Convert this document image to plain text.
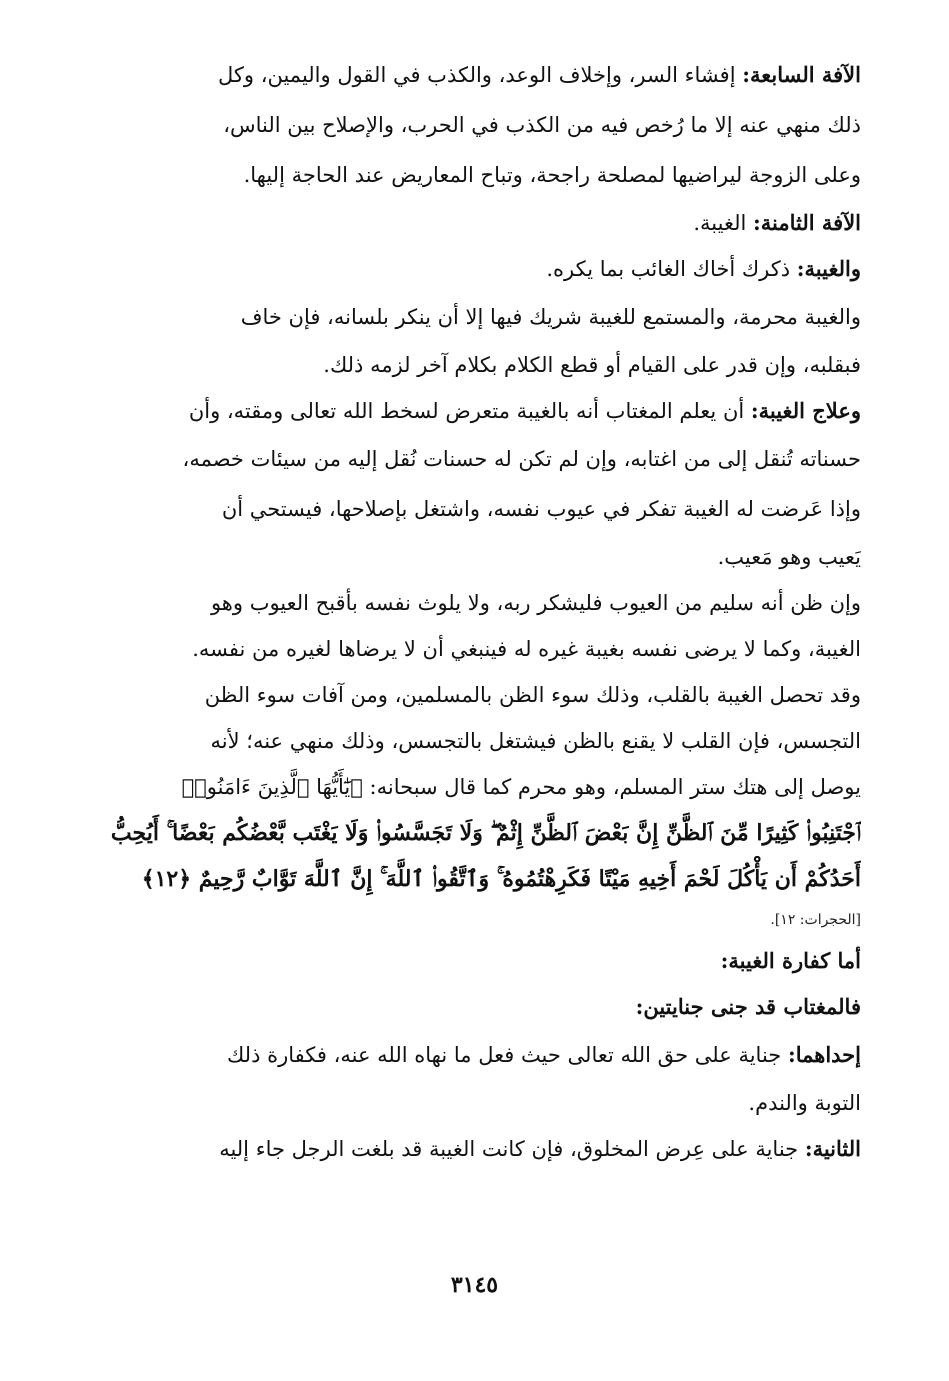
الآفة السابعة: إفشاء السر، وإخلاف الوعد، والكذب في القول واليمين، وكل
ذلك منهي عنه إلا ما رُخص فيه من الكذب في الحرب، والإصلاح بين الناس،
وعلى الزوجة ليراضيها لمصلحة راجحة، وتباح المعاريض عند الحاجة إليها.
الآفة الثامنة: الغيبة.
والغيبة: ذكرك أخاك الغائب بما يكره.
والغيبة محرمة، والمستمع للغيبة شريك فيها إلا أن ينكر بلسانه، فإن خاف
فبقلبه، وإن قدر على القيام أو قطع الكلام بكلام آخر لزمه ذلك.
وعلاج الغيبة: أن يعلم المغتاب أنه بالغيبة متعرض لسخط الله تعالى ومقته، وأن
حسناته تُنقل إلى من اغتابه، وإن لم تكن له حسنات نُقل إليه من سيئات خصمه،
وإذا عَرضت له الغيبة تفكر في عيوب نفسه، واشتغل بإصلاحها، فيستحي أن
يَعيب وهو مَعيب.
وإن ظن أنه سليم من العيوب فليشكر ربه، ولا يلوث نفسه بأقبح العيوب وهو
الغيبة، وكما لا يرضى نفسه بغيبة غيره له فينبغي أن لا يرضاها لغيره من نفسه.
وقد تحصل الغيبة بالقلب، وذلك سوء الظن بالمسلمين، ومن آفات سوء الظن
التجسس، فإن القلب لا يقنع بالظن فيشتغل بالتجسس، وذلك منهي عنه؛ لأنه
يوصل إلى هتك ستر المسلم، وهو محرم كما قال سبحانه: ﴿يَٰٓأَيُّهَا ٱلَّذِينَ ءَامَنُوا۟
ٱجْتَنِبُوا۟ كَثِيرًا مِّنَ ٱلظَّنِّ إِنَّ بَعْضَ ٱلظَّنِّ إِثْمٌ ۖ وَلَا تَجَسَّسُوا۟ وَلَا يَغْتَب بَّعْضُكُم بَعْضًا ۚ أَيُحِبُّ
أَحَدُكُمْ أَن يَأْكُلَ لَحْمَ أَخِيهِ مَيْتًا فَكَرِهْتُمُوهُ ۚ وَٱتَّقُوا۟ ٱللَّهَ ۚ إِنَّ ٱللَّهَ تَوَّابٌ رَّحِيمٌ ﴿١٢﴾
[الحجرات: ١٢].
أما كفارة الغيبة:
فالمغتاب قد جنى جنايتين:
إحداهما: جناية على حق الله تعالى حيث فعل ما نهاه الله عنه، فكفارة ذلك
التوبة والندم.
الثانية: جناية على عِرض المخلوق، فإن كانت الغيبة قد بلغت الرجل جاء إليه
٣١٤٥
